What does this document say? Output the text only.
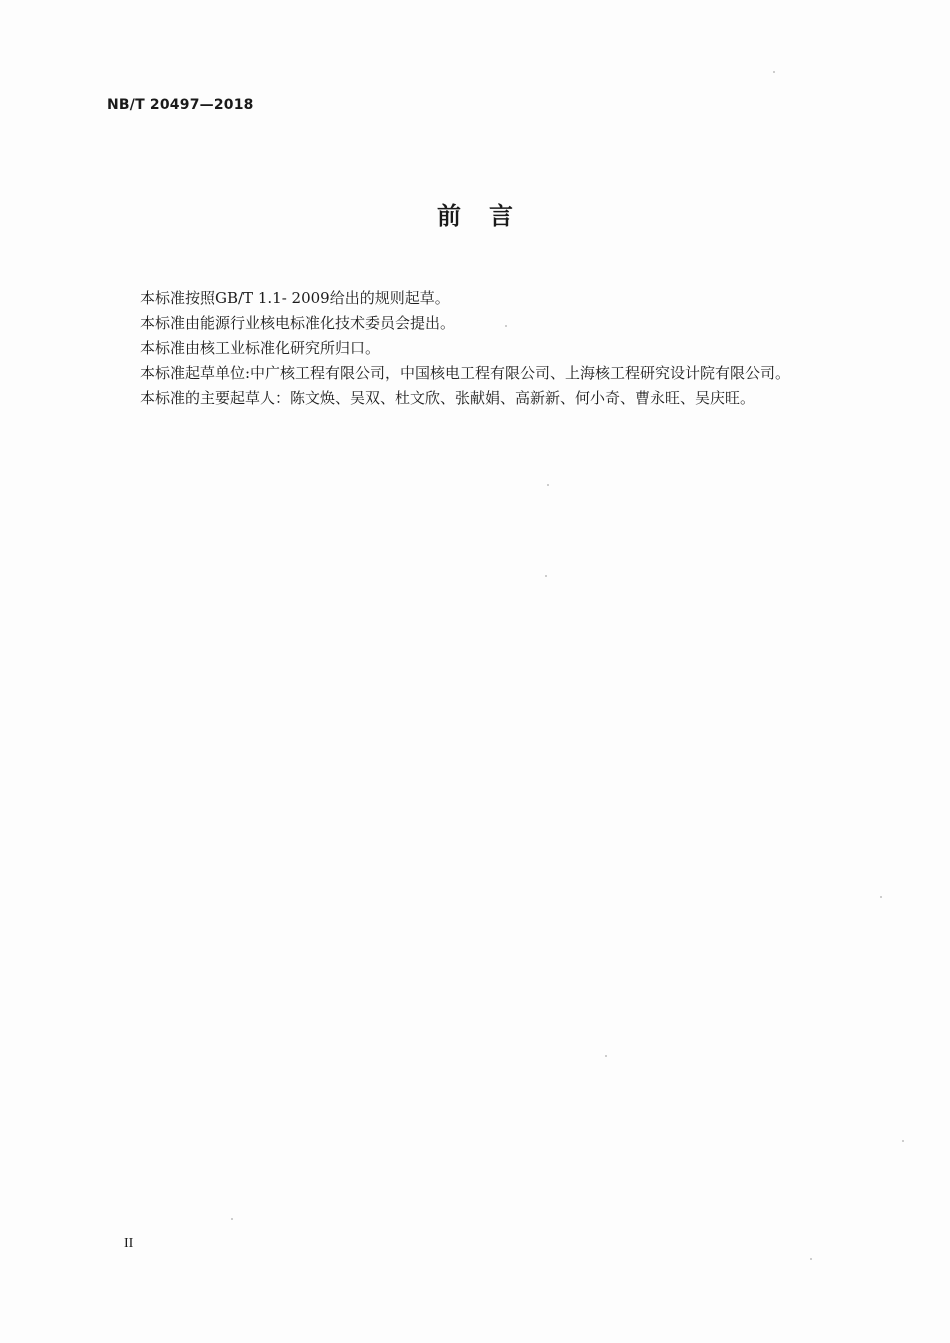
NB/T 20497—2018
前言

本标准按照GB/T 1.1- 2009给出的规则起草。

本标准由能源行业核电标准化技术委员会提出。

本标准由核工业标准化研究所归口。

本标准起草单位:中广核工程有限公司，中国核电工程有限公司、上海核工程研究设计院有限公司。

本标准的主要起草人：陈文焕、吴双、杜文欣、张献娟、高新新、何小奇、曹永旺、吴庆旺。

II
